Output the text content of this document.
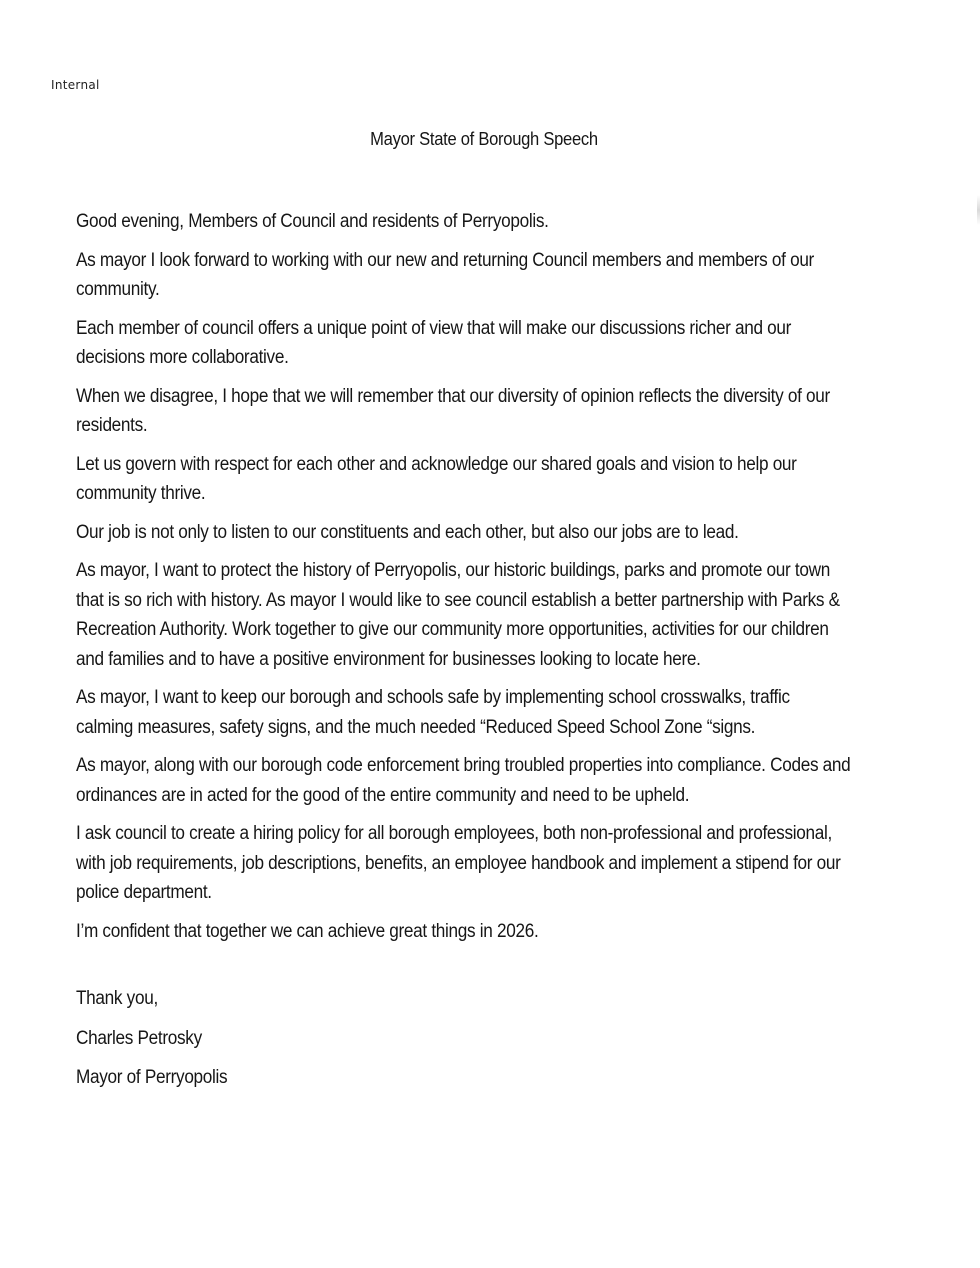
Internal
Mayor State of Borough Speech
Good evening, Members of Council and residents of Perryopolis.
As mayor I look forward to working with our new and returning Council members and members of our
community.
Each member of council offers a unique point of view that will make our discussions richer and our
decisions more collaborative.
When we disagree, I hope that we will remember that our diversity of opinion reflects the diversity of our
residents.
Let us govern with respect for each other and acknowledge our shared goals and vision to help our
community thrive.
Our job is not only to listen to our constituents and each other, but also our jobs are to lead.
As mayor, I want to protect the history of Perryopolis, our historic buildings, parks and promote our town
that is so rich with history. As mayor I would like to see council establish a better partnership with Parks &
Recreation Authority. Work together to give our community more opportunities, activities for our children
and families and to have a positive environment for businesses looking to locate here.
As mayor, I want to keep our borough and schools safe by implementing school crosswalks, traffic
calming measures, safety signs, and the much needed “Reduced Speed School Zone “signs.
As mayor, along with our borough code enforcement bring troubled properties into compliance. Codes and
ordinances are in acted for the good of the entire community and need to be upheld.
I ask council to create a hiring policy for all borough employees, both non-professional and professional,
with job requirements, job descriptions, benefits, an employee handbook and implement a stipend for our
police department.
I’m confident that together we can achieve great things in 2026.
Thank you,
Charles Petrosky
Mayor of Perryopolis
